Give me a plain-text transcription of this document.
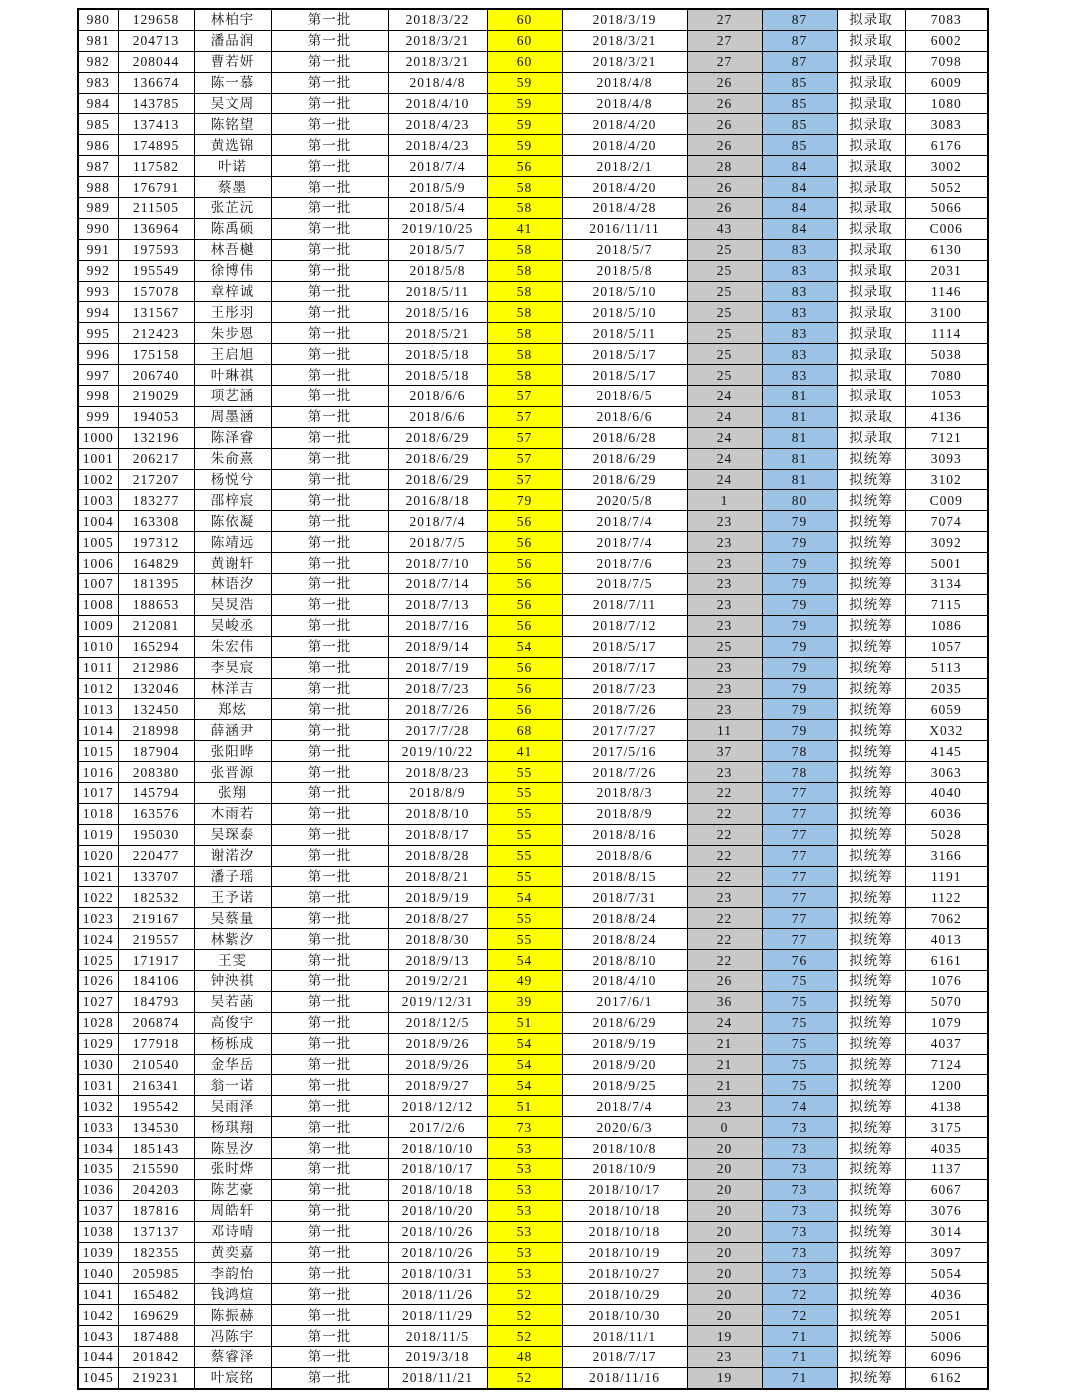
980	129658	林柏宇	第一批	2018/3/22	60	2018/3/19	27	87	拟录取	7083
981	204713	潘品润	第一批	2018/3/21	60	2018/3/21	27	87	拟录取	6002
982	208044	曹若妍	第一批	2018/3/21	60	2018/3/21	27	87	拟录取	7098
983	136674	陈一慕	第一批	2018/4/8	59	2018/4/8	26	85	拟录取	6009
984	143785	吴文周	第一批	2018/4/10	59	2018/4/8	26	85	拟录取	1080
985	137413	陈铭望	第一批	2018/4/23	59	2018/4/20	26	85	拟录取	3083
986	174895	黄选锦	第一批	2018/4/23	59	2018/4/20	26	85	拟录取	6176
987	117582	叶诺	第一批	2018/7/4	56	2018/2/1	28	84	拟录取	3002
988	176791	蔡墨	第一批	2018/5/9	58	2018/4/20	26	84	拟录取	5052
989	211505	张芷沅	第一批	2018/5/4	58	2018/4/28	26	84	拟录取	5066
990	136964	陈禹硕	第一批	2019/10/25	41	2016/11/11	43	84	拟录取	C006
991	197593	林吾樾	第一批	2018/5/7	58	2018/5/7	25	83	拟录取	6130
992	195549	徐博伟	第一批	2018/5/8	58	2018/5/8	25	83	拟录取	2031
993	157078	章梓诚	第一批	2018/5/11	58	2018/5/10	25	83	拟录取	1146
994	131567	王彤羽	第一批	2018/5/16	58	2018/5/10	25	83	拟录取	3100
995	212423	朱步恩	第一批	2018/5/21	58	2018/5/11	25	83	拟录取	1114
996	175158	王启旭	第一批	2018/5/18	58	2018/5/17	25	83	拟录取	5038
997	206740	叶琳祺	第一批	2018/5/18	58	2018/5/17	25	83	拟录取	7080
998	219029	项艺涵	第一批	2018/6/6	57	2018/6/5	24	81	拟录取	1053
999	194053	周墨涵	第一批	2018/6/6	57	2018/6/6	24	81	拟录取	4136
1000	132196	陈泽睿	第一批	2018/6/29	57	2018/6/28	24	81	拟录取	7121
1001	206217	朱俞熹	第一批	2018/6/29	57	2018/6/29	24	81	拟统筹	3093
1002	217207	杨悦兮	第一批	2018/6/29	57	2018/6/29	24	81	拟统筹	3102
1003	183277	邵梓宸	第一批	2016/8/18	79	2020/5/8	1	80	拟统筹	C009
1004	163308	陈依凝	第一批	2018/7/4	56	2018/7/4	23	79	拟统筹	7074
1005	197312	陈靖远	第一批	2018/7/5	56	2018/7/4	23	79	拟统筹	3092
1006	164829	黄谢轩	第一批	2018/7/10	56	2018/7/6	23	79	拟统筹	5001
1007	181395	林语汐	第一批	2018/7/14	56	2018/7/5	23	79	拟统筹	3134
1008	188653	吴炅浩	第一批	2018/7/13	56	2018/7/11	23	79	拟统筹	7115
1009	212081	吴峻丞	第一批	2018/7/16	56	2018/7/12	23	79	拟统筹	1086
1010	165294	朱宏伟	第一批	2018/9/14	54	2018/5/17	25	79	拟统筹	1057
1011	212986	李昊宸	第一批	2018/7/19	56	2018/7/17	23	79	拟统筹	5113
1012	132046	林洋吉	第一批	2018/7/23	56	2018/7/23	23	79	拟统筹	2035
1013	132450	郑炫	第一批	2018/7/26	56	2018/7/26	23	79	拟统筹	6059
1014	218998	薛涵尹	第一批	2017/7/28	68	2017/7/27	11	79	拟统筹	X032
1015	187904	张阳晔	第一批	2019/10/22	41	2017/5/16	37	78	拟统筹	4145
1016	208380	张晋源	第一批	2018/8/23	55	2018/7/26	23	78	拟统筹	3063
1017	145794	张翔	第一批	2018/8/9	55	2018/8/3	22	77	拟统筹	4040
1018	163576	木雨若	第一批	2018/8/10	55	2018/8/9	22	77	拟统筹	6036
1019	195030	吴琛泰	第一批	2018/8/17	55	2018/8/16	22	77	拟统筹	5028
1020	220477	谢渃汐	第一批	2018/8/28	55	2018/8/6	22	77	拟统筹	3166
1021	133707	潘子瑶	第一批	2018/8/21	55	2018/8/15	22	77	拟统筹	1191
1022	182532	王予诺	第一批	2018/9/19	54	2018/7/31	23	77	拟统筹	1122
1023	219167	吴蔡量	第一批	2018/8/27	55	2018/8/24	22	77	拟统筹	7062
1024	219557	林紫汐	第一批	2018/8/30	55	2018/8/24	22	77	拟统筹	4013
1025	171917	王雯	第一批	2018/9/13	54	2018/8/10	22	76	拟统筹	6161
1026	184106	钟泱祺	第一批	2019/2/21	49	2018/4/10	26	75	拟统筹	1076
1027	184793	吴若菡	第一批	2019/12/31	39	2017/6/1	36	75	拟统筹	5070
1028	206874	高俊宇	第一批	2018/12/5	51	2018/6/29	24	75	拟统筹	1079
1029	177918	杨栎成	第一批	2018/9/26	54	2018/9/19	21	75	拟统筹	4037
1030	210540	金华岳	第一批	2018/9/26	54	2018/9/20	21	75	拟统筹	7124
1031	216341	翁一诺	第一批	2018/9/27	54	2018/9/25	21	75	拟统筹	1200
1032	195542	吴雨泽	第一批	2018/12/12	51	2018/7/4	23	74	拟统筹	4138
1033	134530	杨琪翔	第一批	2017/2/6	73	2020/6/3	0	73	拟统筹	3175
1034	185143	陈昱汐	第一批	2018/10/10	53	2018/10/8	20	73	拟统筹	4035
1035	215590	张时烨	第一批	2018/10/17	53	2018/10/9	20	73	拟统筹	1137
1036	204203	陈艺豪	第一批	2018/10/18	53	2018/10/17	20	73	拟统筹	6067
1037	187816	周皓轩	第一批	2018/10/20	53	2018/10/18	20	73	拟统筹	3076
1038	137137	邓诗晴	第一批	2018/10/26	53	2018/10/18	20	73	拟统筹	3014
1039	182355	黄奕嘉	第一批	2018/10/26	53	2018/10/19	20	73	拟统筹	3097
1040	205985	李韵怡	第一批	2018/10/31	53	2018/10/27	20	73	拟统筹	5054
1041	165482	钱鸿煊	第一批	2018/11/26	52	2018/10/29	20	72	拟统筹	4036
1042	169629	陈振赫	第一批	2018/11/29	52	2018/10/30	20	72	拟统筹	2051
1043	187488	冯陈宇	第一批	2018/11/5	52	2018/11/1	19	71	拟统筹	5006
1044	201842	蔡睿泽	第一批	2019/3/18	48	2018/7/17	23	71	拟统筹	6096
1045	219231	叶宸铭	第一批	2018/11/21	52	2018/11/16	19	71	拟统筹	6162
